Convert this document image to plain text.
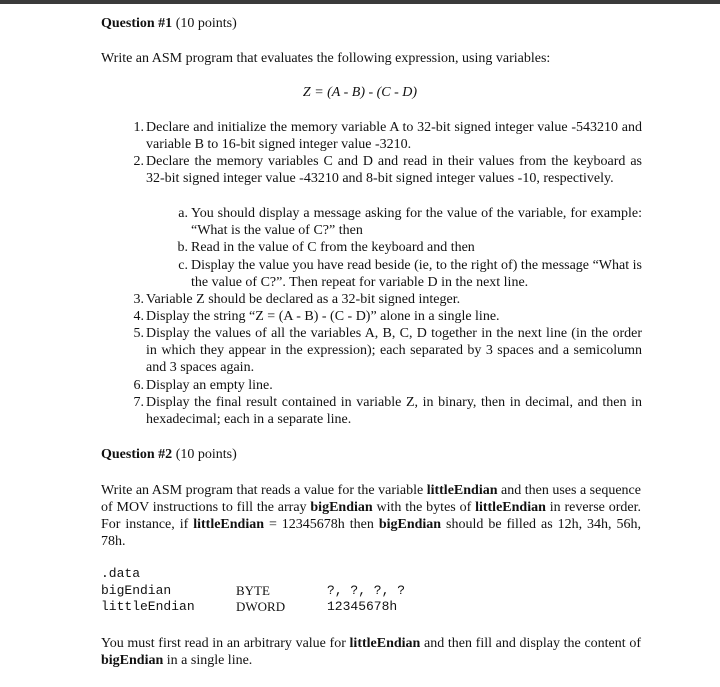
Question #1 (10 points)
Write an ASM program that evaluates the following expression, using variables:
Z = (A - B) - (C - D)
1. Declare and initialize the memory variable A to 32-bit signed integer value -543210 and variable B to 16-bit signed integer value -3210.
2. Declare the memory variables C and D and read in their values from the keyboard as 32-bit signed integer value -43210 and 8-bit signed integer values -10, respectively.
a. You should display a message asking for the value of the variable, for example: “What is the value of C?” then
b. Read in the value of C from the keyboard and then
c. Display the value you have read beside (ie, to the right of) the message “What is the value of C?”. Then repeat for variable D in the next line.
3. Variable Z should be declared as a 32-bit signed integer.
4. Display the string “Z = (A - B) - (C - D)” alone in a single line.
5. Display the values of all the variables A, B, C, D together in the next line (in the order in which they appear in the expression); each separated by 3 spaces and a semicolumn and 3 spaces again.
6. Display an empty line.
7. Display the final result contained in variable Z, in binary, then in decimal, and then in hexadecimal; each in a separate line.
Question #2 (10 points)
Write an ASM program that reads a value for the variable littleEndian and then uses a sequence of MOV instructions to fill the array bigEndian with the bytes of littleEndian in reverse order. For instance, if littleEndian = 12345678h then bigEndian should be filled as 12h, 34h, 56h, 78h.
.data
bigEndian	BYTE	?, ?, ?, ?
littleEndian	DWORD	12345678h
You must first read in an arbitrary value for littleEndian and then fill and display the content of bigEndian in a single line.
